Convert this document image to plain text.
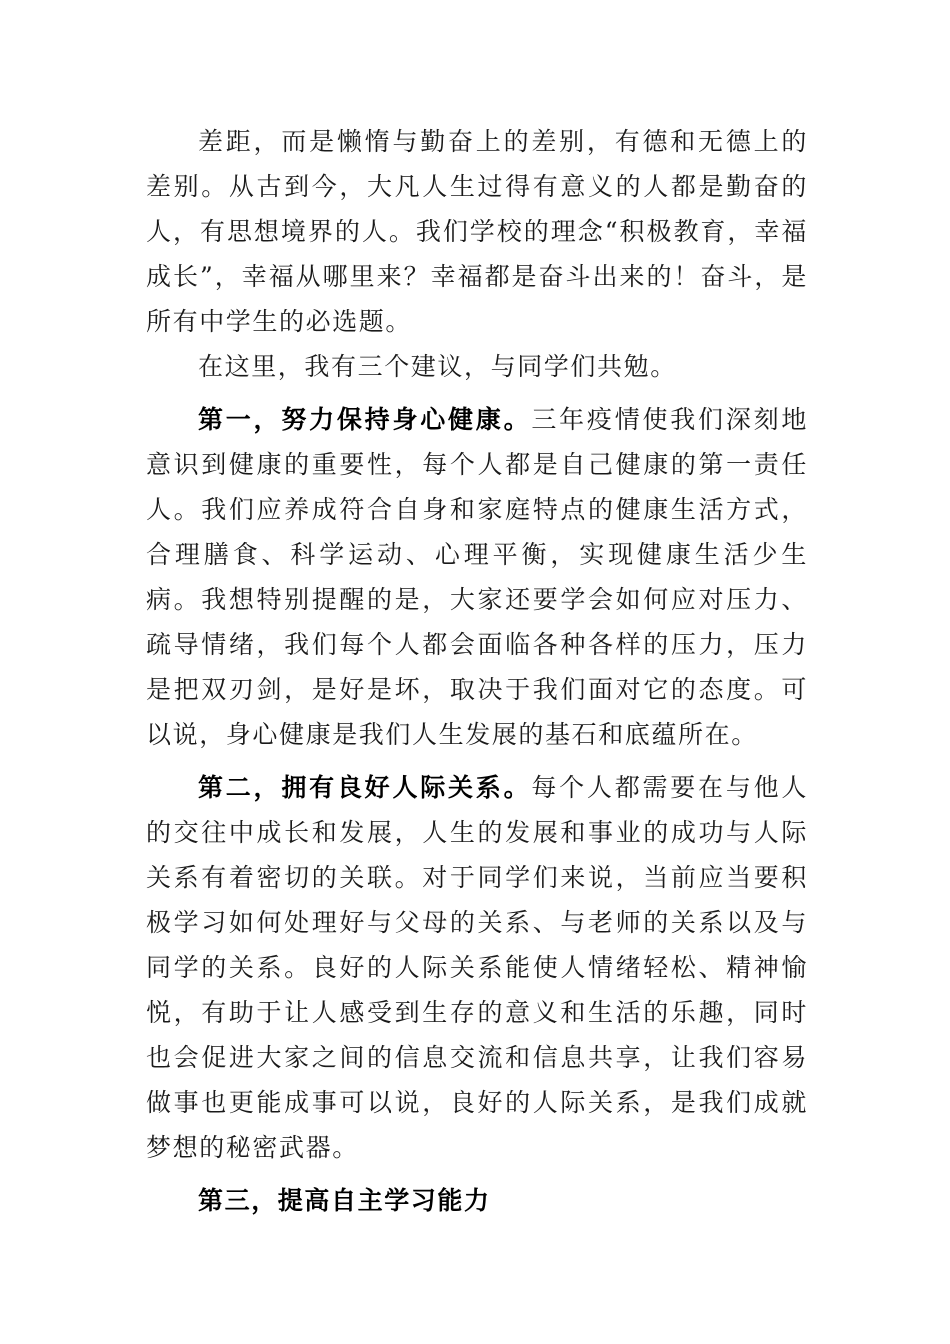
差距，而是懒惰与勤奋上的差别，有德和无德上的差别。从古到今，大凡人生过得有意义的人都是勤奋的人，有思想境界的人。我们学校的理念“积极教育，幸福成长”，幸福从哪里来？幸福都是奋斗出来的！奋斗，是所有中学生的必选题。

在这里，我有三个建议，与同学们共勉。

第一，努力保持身心健康。三年疫情使我们深刻地意识到健康的重要性，每个人都是自己健康的第一责任人。我们应养成符合自身和家庭特点的健康生活方式，合理膳食、科学运动、心理平衡，实现健康生活少生病。我想特别提醒的是，大家还要学会如何应对压力、疏导情绪，我们每个人都会面临各种各样的压力，压力是把双刃剑，是好是坏，取决于我们面对它的态度。可以说，身心健康是我们人生发展的基石和底蕴所在。

第二，拥有良好人际关系。每个人都需要在与他人的交往中成长和发展，人生的发展和事业的成功与人际关系有着密切的关联。对于同学们来说，当前应当要积极学习如何处理好与父母的关系、与老师的关系以及与同学的关系。良好的人际关系能使人情绪轻松、精神愉悦，有助于让人感受到生存的意义和生活的乐趣，同时也会促进大家之间的信息交流和信息共享，让我们容易做事也更能成事可以说，良好的人际关系，是我们成就梦想的秘密武器。

第三，提高自主学习能力
